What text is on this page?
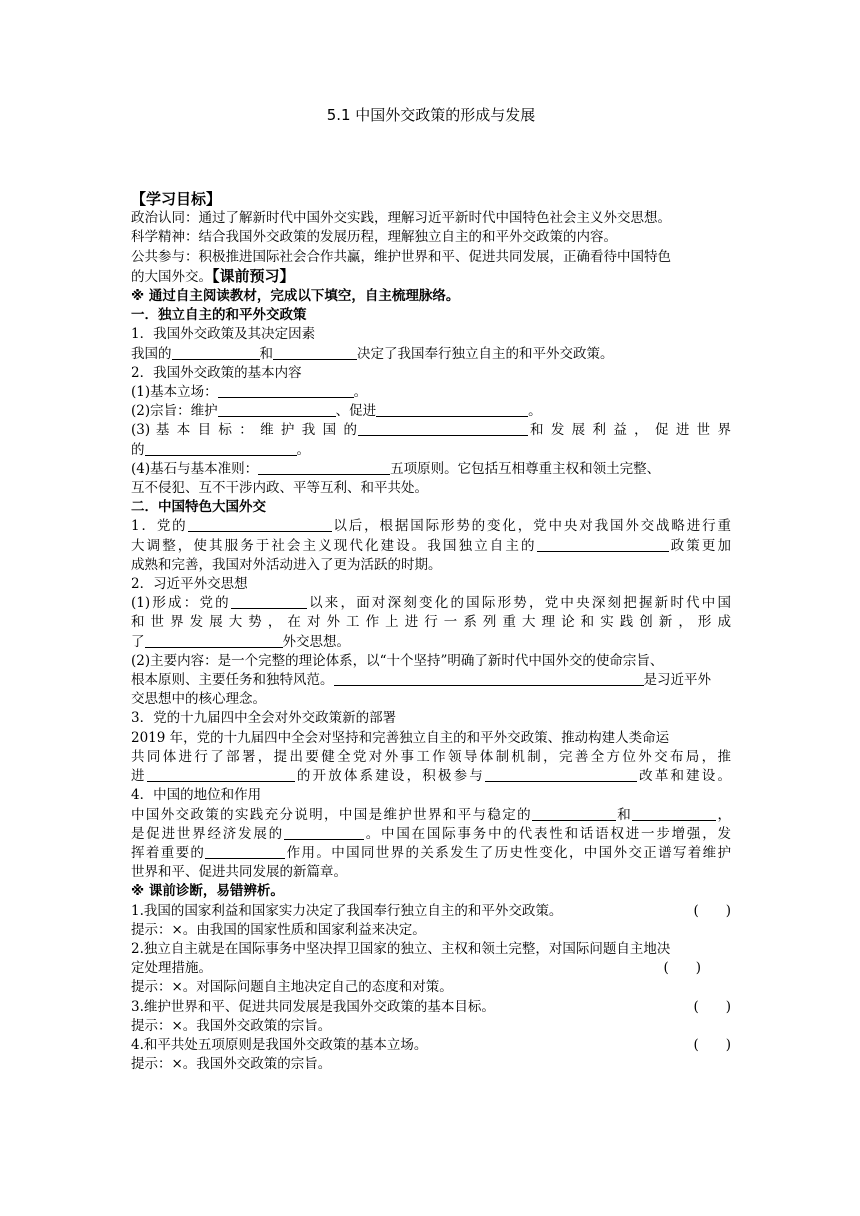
5.1 中国外交政策的形成与发展

【学习目标】

政治认同：通过了解新时代中国外交实践，理解习近平新时代中国特色社会主义外交思想。

科学精神：结合我国外交政策的发展历程，理解独立自主的和平外交政策的内容。

公共参与：积极推进国际社会合作共赢，维护世界和平、促进共同发展，正确看待中国特色

的大国外交。【课前预习】

※ 通过自主阅读教材，完成以下填空，自主梳理脉络。

一．独立自主的和平外交政策

1．我国外交政策及其决定因素

我国的	和	决定了我国奉行独立自主的和平外交政策。

2．我国外交政策的基本内容

(1)基本立场：	。

(2)宗旨：维护	、促进	。

(3) 基 本 目 标 ： 维 护 我 国 的	和 发 展 利 益 ， 促 进 世 界

的	。

(4)基石与基本准则：	五项原则。它包括互相尊重主权和领土完整、

互不侵犯、互不干涉内政、平等互利、和平共处。

二．中国特色大国外交

1．党的	以后，根据国际形势的变化，党中央对我国外交战略进行重

大调整，使其服务于社会主义现代化建设。我国独立自主的	政策更加

成熟和完善，我国对外活动进入了更为活跃的时期。

2．习近平外交思想

(1)形成：党的	以来，面对深刻变化的国际形势，党中央深刻把握新时代中国

和 世 界 发 展 大 势 ， 在 对 外 工 作 上 进 行 一 系 列 重 大 理 论 和 实 践 创 新 ， 形 成

了	外交思想。

(2)主要内容：是一个完整的理论体系，以“十个坚持”明确了新时代中国外交的使命宗旨、

根本原则、主要任务和独特风范。	是习近平外

交思想中的核心理念。

3．党的十九届四中全会对外交政策新的部署

2019 年，党的十九届四中全会对坚持和完善独立自主的和平外交政策、推动构建人类命运

共同体进行了部署，提出要健全党对外事工作领导体制机制，完善全方位外交布局，推

进	的开放体系建设，积极参与	改革和建设。

4．中国的地位和作用

中国外交政策的实践充分说明，中国是维护世界和平与稳定的	和	，

是促进世界经济发展的	。中国在国际事务中的代表性和话语权进一步增强，发

挥着重要的	作用。中国同世界的关系发生了历史性变化，中国外交正谱写着维护

世界和平、促进共同发展的新篇章。

※ 课前诊断，易错辨析。

1.我国的国家利益和国家实力决定了我国奉行独立自主的和平外交政策。	(　　)

提示：×。由我国的国家性质和国家利益来决定。

2.独立自主就是在国际事务中坚决捍卫国家的独立、主权和领土完整，对国际问题自主地决

定处理措施。	(　　)

提示：×。对国际问题自主地决定自己的态度和对策。

3.维护世界和平、促进共同发展是我国外交政策的基本目标。	(　　)

提示：×。我国外交政策的宗旨。

4.和平共处五项原则是我国外交政策的基本立场。	(　　)

提示：×。我国外交政策的宗旨。
